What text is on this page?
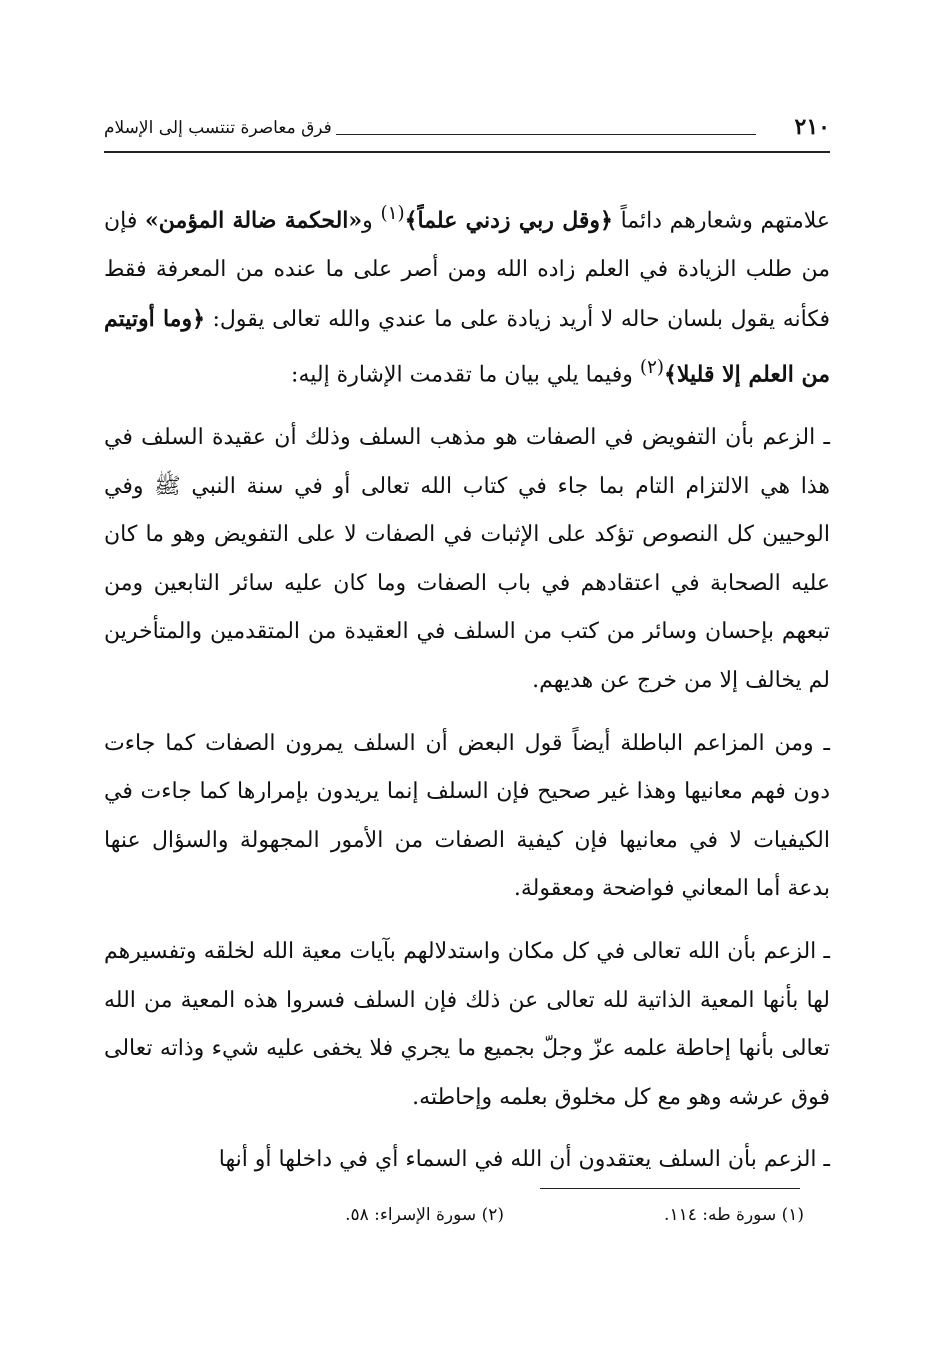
٢١٠
فرق معاصرة تنتسب إلى الإسلام

علامتهم وشعارهم دائماً ﴿وقل ربي زدني علماً﴾$^{(١)}$ و«الحكمة ضالة المؤمن» فإن من طلب الزيادة في العلم زاده الله ومن أصر على ما عنده من المعرفة فقط فكأنه يقول بلسان حاله لا أريد زيادة على ما عندي والله تعالى يقول: ﴿وما أوتيتم من العلم إلا قليلا﴾$^{(٢)}$ وفيما يلي بيان ما تقدمت الإشارة إليه:

ـ الزعم بأن التفويض في الصفات هو مذهب السلف وذلك أن عقيدة السلف في هذا هي الالتزام التام بما جاء في كتاب الله تعالى أو في سنة النبي ﷺ وفي الوحيين كل النصوص تؤكد على الإثبات في الصفات لا على التفويض وهو ما كان عليه الصحابة في اعتقادهم في باب الصفات وما كان عليه سائر التابعين ومن تبعهم بإحسان وسائر من كتب من السلف في العقيدة من المتقدمين والمتأخرين لم يخالف إلا من خرج عن هديهم.

ـ ومن المزاعم الباطلة أيضاً قول البعض أن السلف يمرون الصفات كما جاءت دون فهم معانيها وهذا غير صحيح فإن السلف إنما يريدون بإمرارها كما جاءت في الكيفيات لا في معانيها فإن كيفية الصفات من الأمور المجهولة والسؤال عنها بدعة أما المعاني فواضحة ومعقولة.

ـ الزعم بأن الله تعالى في كل مكان واستدلالهم بآيات معية الله لخلقه وتفسيرهم لها بأنها المعية الذاتية لله تعالى عن ذلك فإن السلف فسروا هذه المعية من الله تعالى بأنها إحاطة علمه عزّ وجلّ بجميع ما يجري فلا يخفى عليه شيء وذاته تعالى فوق عرشه وهو مع كل مخلوق بعلمه وإحاطته.

ـ الزعم بأن السلف يعتقدون أن الله في السماء أي في داخلها أو أنها

(١) سورة طه: ١١٤.
(٢) سورة الإسراء: ٥٨.
